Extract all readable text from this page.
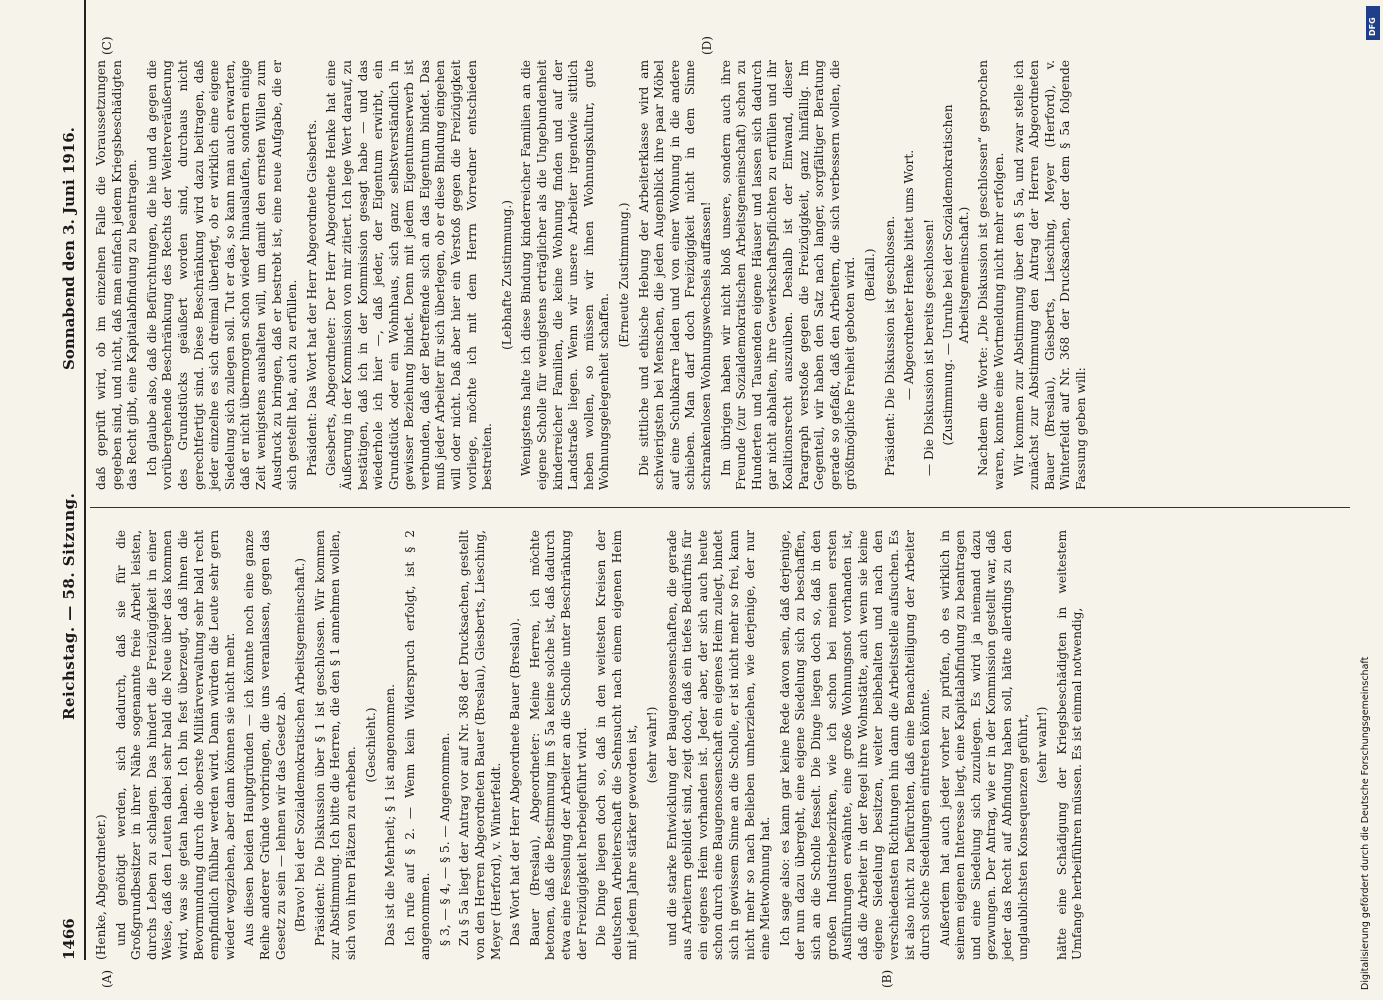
1466
Reichstag. — 58. Sitzung.
Sonnabend den 3. Juni 1916.
(A)	(B)
(C)	(D)

(Henke, Abgeordneter.) und genötigt werden, sich dadurch, daß sie für die Großgrundbesitzer in ihrer Nähe sogenannte freie Arbeit leisten, durchs Leben zu schlagen. Das hindert die Freizügigkeit in einer Weise, daß den Leuten dabei sehr bald die Neue über das kommen wird, was sie getan haben. Ich bin fest überzeugt, daß ihnen die Bevormundung durch die oberste Militärverwaltung sehr bald recht empfindlich fühlbar werden wird. Dann würden die Leute sehr gern wieder wegziehen, aber dann können sie nicht mehr. Aus diesen beiden Hauptgründen — ich könnte noch eine ganze Reihe anderer Gründe vorbringen, die uns veranlassen, gegen das Gesetz zu sein — lehnen wir das Gesetz ab. (Bravo! bei der Sozialdemokratischen Arbeitsgemeinschaft.) Präsident: Die Diskussion über § 1 ist geschlossen. Wir kommen zur Abstimmung. Ich bitte die Herren, die den § 1 annehmen wollen, sich von ihren Plätzen zu erheben.

(Geschieht.) Das ist die Mehrheit; § 1 ist angenommen. Ich rufe auf § 2. — Wenn kein Widerspruch erfolgt, ist § 2 angenommen. § 3, — § 4, — § 5. — Angenommen. Zu § 5a liegt der Antrag vor auf Nr. 368 der Drucksachen, gestellt von den Herren Abgeordneten Bauer (Breslau), Giesberts, Liesching, Meyer (Herford), v. Winterfeldt. Das Wort hat der Herr Abgeordnete Bauer (Breslau). Bauer (Breslau), Abgeordneter: Meine Herren, ich möchte betonen, daß die Bestimmung im § 5a keine solche ist, daß dadurch etwa eine Fesselung der Arbeiter an die Scholle unter Beschränkung der Freizügigkeit herbeigeführt wird. Die Dinge liegen doch so, daß in den weitesten Kreisen der deutschen Arbeiterschaft die Sehnsucht nach einem eigenen Heim mit jedem Jahre stärker geworden ist, (sehr wahr!) und die starke Entwicklung der Baugenossenschaften, die gerade aus Arbeitern gebildet sind, zeigt doch, daß ein tiefes Bedürfnis für ein eigenes Heim vorhanden ist. Jeder aber, der sich auch heute schon durch eine Baugenossenschaft ein eigenes Heim zulegt, bindet sich in gewissem Sinne an die Scholle, er ist nicht mehr so frei, kann nicht mehr so nach Belieben umherziehen, wie derjenige, der nur eine Mietwohnung hat. Ich sage also: es kann gar keine Rede davon sein, daß derjenige, der nun dazu übergeht, eine eigene Siedelung sich zu beschaffen, sich an die Scholle fesselt. Die Dinge liegen doch so, daß in den großen Industriebezirken, wie ich schon bei meinen ersten Ausführungen erwähnte, eine große Wohnungsnot vorhanden ist, daß die Arbeiter in der Regel ihre Wohnstätte, auch wenn sie keine eigene Siedelung besitzen, weiter beibehalten und nach den verschiedensten Richtungen hin dann die Arbeitsstelle aufsuchen. Es ist also nicht zu befürchten, daß eine Benachteiligung der Arbeiter durch solche Siedelungen eintreten könnte. Außerdem hat auch jeder vorher zu prüfen, ob es wirklich in seinem eigenen Interesse liegt, eine Kapitalabfindung zu beantragen und eine Siedelung sich zuzulegen. Es wird ja niemand dazu gezwungen. Der Antrag, wie er in der Kommission gestellt war, daß jeder das Recht auf Abfindung haben soll, hätte allerdings zu den unglaublichsten Konsequenzen geführt, (sehr wahr!) hätte eine Schädigung der Kriegsbeschädigten in weitestem Umfange herbeiführen müssen. Es ist einmal notwendig,

daß geprüft wird, ob im einzelnen Falle die Voraussetzungen gegeben sind, und nicht, daß man einfach jedem Kriegsbeschädigten das Recht gibt, eine Kapitalabfindung zu beantragen. Ich glaube also, daß die Befürchtungen, die hie und da gegen die vorübergehende Beschränkung des Rechts der Weiterveräußerung des Grundstücks geäußert worden sind, durchaus nicht gerechtfertigt sind. Diese Beschränkung wird dazu beitragen, daß jeder einzelne es sich dreimal überlegt, ob er wirklich eine eigene Siedelung sich zulegen soll. Tut er das, so kann man auch erwarten, daß er nicht übermorgen schon wieder hinauslaufen, sondern einige Zeit wenigstens aushalten will, um damit den ernsten Willen zum Ausdruck zu bringen, daß er bestrebt ist, eine neue Aufgabe, die er sich gestellt hat, auch zu erfüllen. Präsident: Das Wort hat der Herr Abgeordnete Giesberts. Giesberts, Abgeordneter: Der Herr Abgeordnete Henke hat eine Äußerung in der Kommission von mir zitiert. Ich lege Wert darauf, zu bestätigen, daß ich in der Kommission gesagt habe — und das wiederhole ich hier —, daß jeder, der Eigentum erwirbt, ein Grundstück oder ein Wohnhaus, sich ganz selbstverständlich in gewisser Beziehung bindet. Denn mit jedem Eigentumserwerb ist verbunden, daß der Betreffende sich an das Eigentum bindet. Das muß jeder Arbeiter für sich überlegen, ob er diese Bindung eingehen will oder nicht. Daß aber hier ein Verstoß gegen die Freizügigkeit vorliege, möchte ich mit dem Herrn Vorredner entschieden bestreiten.

(Lebhafte Zustimmung.) Wenigstens halte ich diese Bindung kinderreicher Familien an die eigene Scholle für wenigstens erträglicher als die Ungebundenheit kinderreicher Familien, die keine Wohnung finden und auf der Landstraße liegen. Wenn wir unsere Arbeiter irgendwie sittlich heben wollen, so müssen wir ihnen Wohnungskultur, gute Wohnungsgelegenheit schaffen.

(Erneute Zustimmung.) Die sittliche und ethische Hebung der Arbeiterklasse wird am schwierigsten bei Menschen, die jeden Augenblick ihre paar Möbel auf eine Schubkarre laden und von einer Wohnung in die andere schieben. Man darf doch Freizügigkeit nicht in dem Sinne schrankenlosen Wohnungswechsels auffassen! Im übrigen haben wir nicht bloß unsere, sondern auch ihre Freunde (zur Sozialdemokratischen Arbeitsgemeinschaft) schon zu Hunderten und Tausenden eigene Häuser und lassen sich dadurch gar nicht abhalten, ihre Gewerkschaftspflichten zu erfüllen und ihr Koalitionsrecht auszuüben. Deshalb ist der Einwand, dieser Paragraph verstoße gegen die Freizügigkeit, ganz hinfällig. Im Gegenteil, wir haben den Satz nach langer, sorgfältiger Beratung gerade so gefaßt, daß den Arbeitern, die sich verbessern wollen, die größtmögliche Freiheit geboten wird. (Beifall.) Präsident: Die Diskussion ist geschlossen. — Abgeordneter Henke bittet ums Wort. — Die Diskussion ist bereits geschlossen! (Zustimmung. — Unruhe bei der Sozialdemokratischen Arbeitsgemeinschaft.) Nachdem die Worte: „Die Diskussion ist geschlossen“ gesprochen waren, konnte eine Wortmeldung nicht mehr erfolgen. Wir kommen zur Abstimmung über den § 5a, und zwar stelle ich zunächst zur Abstimmung den Antrag der Herren Abgeordneten Bauer (Breslau), Giesberts, Liesching, Meyer (Herford), v. Winterfeldt auf Nr. 368 der Drucksachen, der dem § 5a folgende Fassung geben will:

DFG
Digitalisierung gefördert durch die Deutsche Forschungsgemeinschaft
